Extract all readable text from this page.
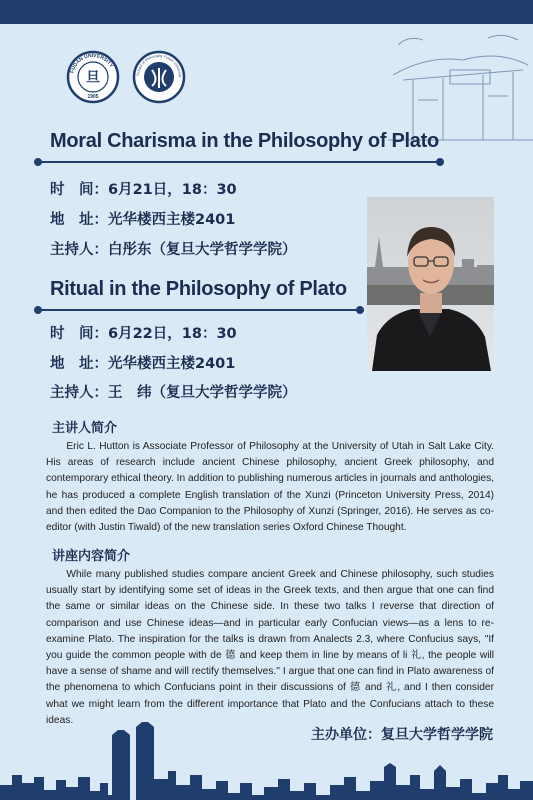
旦
FUDAN UNIVERSITY
1905
School of Philosophy Fudan University
Moral Charisma in the Philosophy of Plato
时　间：6月21日，18：30
地　址：光华楼西主楼2401
主持人：白彤东（复旦大学哲学学院）
Ritual in the Philosophy of Plato
时　间：6月22日，18：30
地　址：光华楼西主楼2401
主持人：王　纬（复旦大学哲学学院）
主讲人简介

Eric L. Hutton is Associate Professor of Philosophy at the University of Utah in Salt Lake City. His areas of research include ancient Chinese philosophy, ancient Greek philosophy, and contemporary ethical theory. In addition to publishing numerous articles in journals and anthologies, he has produced a complete English translation of the Xunzi (Princeton University Press, 2014) and then edited the Dao Companion to the Philosophy of Xunzi (Springer, 2016). He serves as co-editor (with Justin Tiwald) of the new translation series Oxford Chinese Thought.

讲座内容简介

While many published studies compare ancient Greek and Chinese philosophy, such studies usually start by identifying some set of ideas in the Greek texts, and then argue that one can find the same or similar ideas on the Chinese side. In these two talks I reverse that direction of comparison and use Chinese ideas—and in particular early Confucian views—as a lens to re-examine Plato. The inspiration for the talks is drawn from Analects 2.3, where Confucius says, "If you guide the common people with de 德 and keep them in line by means of li 礼, the people will have a sense of shame and will rectify themselves." I argue that one can find in Plato awareness of the phenomena to which Confucians point in their discussions of 德 and 礼, and I then consider what we might learn from the different importance that Plato and the Confucians attach to these ideas.

主办单位：复旦大学哲学学院
